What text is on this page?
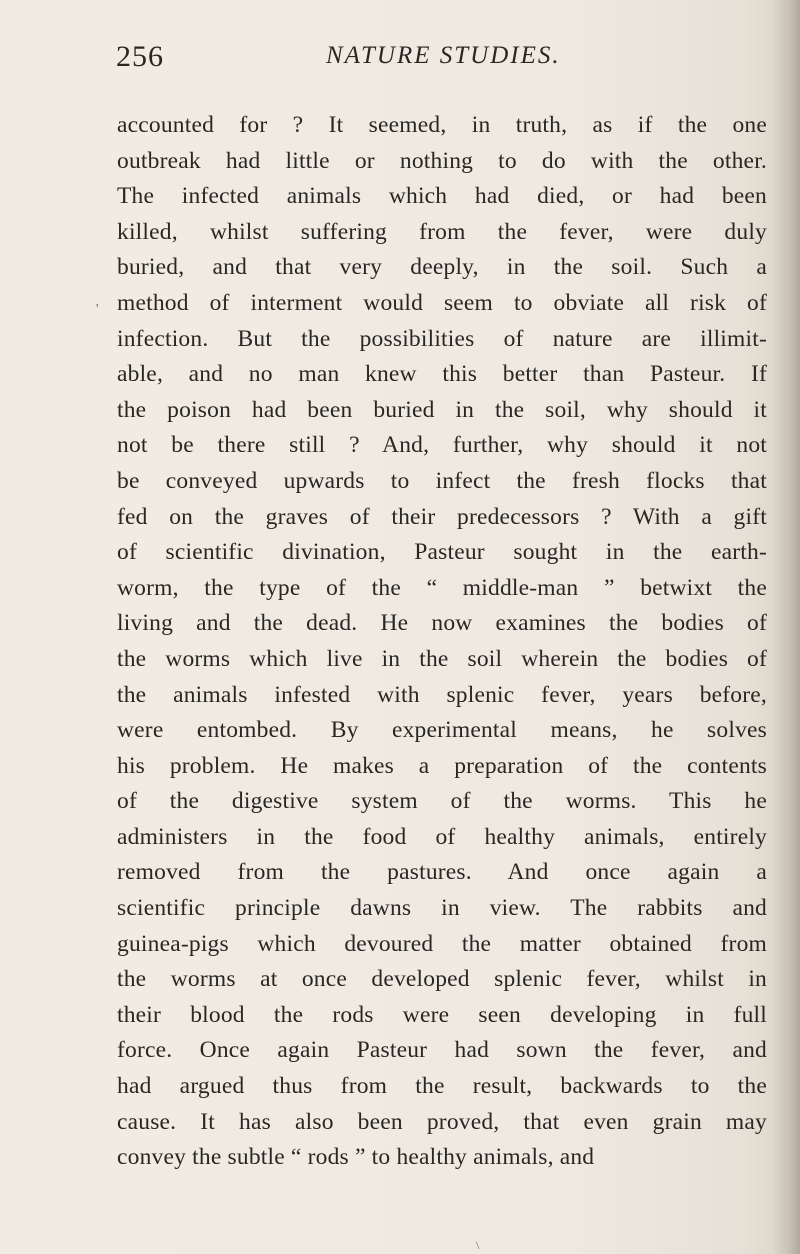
256	NATURE STUDIES.
'
accounted for ? It seemed, in truth, as if the one
outbreak had little or nothing to do with the other.
The infected animals which had died, or had been
killed, whilst suffering from the fever, were duly
buried, and that very deeply, in the soil. Such a
method of interment would seem to obviate all risk of
infection. But the possibilities of nature are illimit-
able, and no man knew this better than Pasteur. If
the poison had been buried in the soil, why should it
not be there still ? And, further, why should it not
be conveyed upwards to infect the fresh flocks that
fed on the graves of their predecessors ? With a gift
of scientific divination, Pasteur sought in the earth-
worm, the type of the “ middle-man ” betwixt the
living and the dead. He now examines the bodies of
the worms which live in the soil wherein the bodies of
the animals infested with splenic fever, years before,
were entombed. By experimental means, he solves
his problem. He makes a preparation of the contents
of the digestive system of the worms. This he
administers in the food of healthy animals, entirely
removed from the pastures. And once again a
scientific principle dawns in view. The rabbits and
guinea-pigs which devoured the matter obtained from
the worms at once developed splenic fever, whilst in
their blood the rods were seen developing in full
force. Once again Pasteur had sown the fever, and
had argued thus from the result, backwards to the
cause. It has also been proved, that even grain may
convey the subtle “ rods ” to healthy animals, and
\
